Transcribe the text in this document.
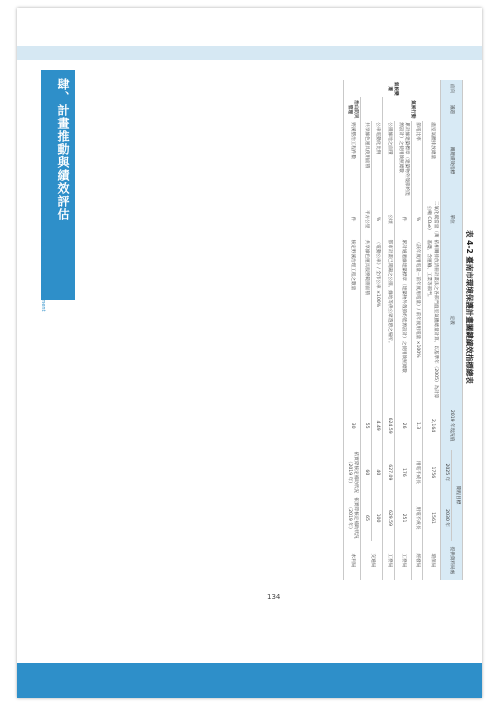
肆、計畫推動與績效評估
Plan Promotion and Performance Assessment	表 4-2 臺南市環境保護計畫關鍵績效指標總表
面向	議題	關鍵績效指標	單位	定義	2019 年現況值	期程目標		提供資料局處
						2025 年	2030 年	
氣候變遷	氣候行動	溫室氣體排放總量	二氧化碳當量（萬公噸 CO₂e）	依相關排放清冊計畫法之各部門溫室氣體總量計算，以基準年（2005）為計算基礎，含運輸、工業等部門。	2,164	1756	1561	環保局
		節電比率	%	（該年度用電量－前年度用電量）/ 前年度用電量 ×100%	1.3	用電不成長	用電不成長	經發局
		累計綠建築標章（建築物外殼節約能源設計）之使用執照總數	件	累計通過綠建築標章（建築物外殼節約能源設計）之使用執照總數	26	176	251	工務局
		公園綠地之面積	公頃	都市計畫已開闢之公園、綠地等供公眾遊憩之場所。	624.59	627.09	629.59	工務局
		公車電動化比例	%	（電動公車）/ 全市公車 ×100%	4.49	40	100	交通局
		共享綠色運具使用面積	平方公里	共享綠色運具服務範圍面積	55	60	65	
	治山防災管理	野溪整治工程件數	件	核定野溪治理工程之數量	30	依實際核定補助狀況（2019 年）	依實際核定補助狀況（2019 年）	水利局
134
